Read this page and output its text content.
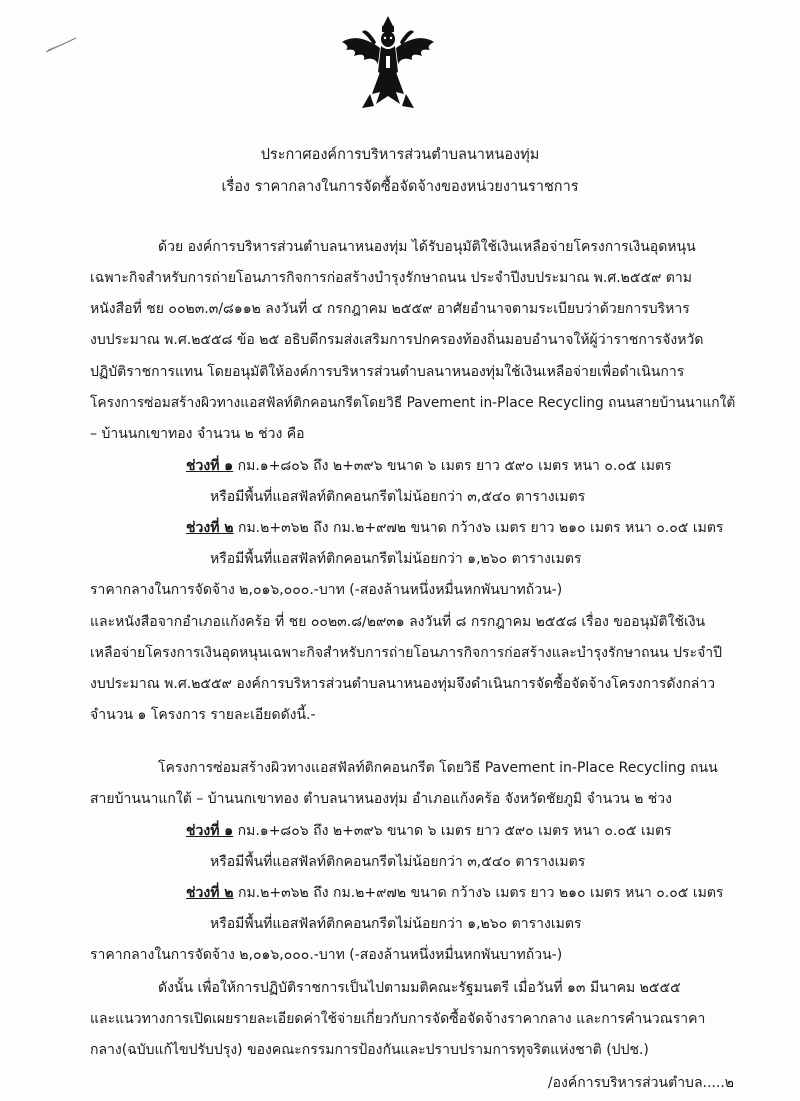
ประกาศองค์การบริหารส่วนตำบลนาหนองทุ่ม
เรื่อง ราคากลางในการจัดซื้อจัดจ้างของหน่วยงานราชการ
ด้วย องค์การบริหารส่วนตำบลนาหนองทุ่ม ได้รับอนุมัติใช้เงินเหลือจ่ายโครงการเงินอุดหนุน
เฉพาะกิจสำหรับการถ่ายโอนภารกิจการก่อสร้างบำรุงรักษาถนน ประจำปีงบประมาณ พ.ศ.๒๕๕๙ ตาม
หนังสือที่ ชย ๐๐๒๓.๓/๘๑๑๒ ลงวันที่ ๔ กรกฎาคม ๒๕๕๙ อาศัยอำนาจตามระเบียบว่าด้วยการบริหาร
งบประมาณ พ.ศ.๒๕๕๘ ข้อ ๒๕ อธิบดีกรมส่งเสริมการปกครองท้องถิ่นมอบอำนาจให้ผู้ว่าราชการจังหวัด
ปฏิบัติราชการแทน โดยอนุมัติให้องค์การบริหารส่วนตำบลนาหนองทุ่มใช้เงินเหลือจ่ายเพื่อดำเนินการ
โครงการซ่อมสร้างผิวทางแอสฟัลท์ติกคอนกรีตโดยวิธี Pavement in-Place Recycling ถนนสายบ้านนาแกใต้
– บ้านนกเขาทอง จำนวน ๒ ช่วง คือ
ช่วงที่ ๑ กม.๑+๘๐๖ ถึง ๒+๓๙๖ ขนาด ๖ เมตร ยาว ๕๙๐ เมตร หนา ๐.๐๕ เมตร
หรือมีพื้นที่แอสฟัลท์ติกคอนกรีตไม่น้อยกว่า ๓,๕๔๐ ตารางเมตร
ช่วงที่ ๒ กม.๒+๓๖๒ ถึง กม.๒+๙๗๒ ขนาด กว้าง๖ เมตร ยาว ๒๑๐ เมตร หนา ๐.๐๕ เมตร
หรือมีพื้นที่แอสฟัลท์ติกคอนกรีตไม่น้อยกว่า ๑,๒๖๐ ตารางเมตร
ราคากลางในการจัดจ้าง ๒,๐๑๖,๐๐๐.-บาท (-สองล้านหนึ่งหมื่นหกพันบาทถ้วน-)
และหนังสือจากอำเภอแก้งคร้อ ที่ ชย ๐๐๒๓.๘/๒๙๓๑ ลงวันที่ ๘ กรกฎาคม ๒๕๕๘ เรื่อง ขออนุมัติใช้เงิน
เหลือจ่ายโครงการเงินอุดหนุนเฉพาะกิจสำหรับการถ่ายโอนภารกิจการก่อสร้างและบำรุงรักษาถนน ประจำปี
งบประมาณ พ.ศ.๒๕๕๙ องค์การบริหารส่วนตำบลนาหนองทุ่มจึงดำเนินการจัดซื้อจัดจ้างโครงการดังกล่าว
จำนวน ๑ โครงการ รายละเอียดดังนี้.-
โครงการซ่อมสร้างผิวทางแอสฟัลท์ติกคอนกรีต โดยวิธี Pavement in-Place Recycling ถนน
สายบ้านนาแกใต้ – บ้านนกเขาทอง ตำบลนาหนองทุ่ม อำเภอแก้งคร้อ จังหวัดชัยภูมิ จำนวน ๒ ช่วง
ช่วงที่ ๑ กม.๑+๘๐๖ ถึง ๒+๓๙๖ ขนาด ๖ เมตร ยาว ๕๙๐ เมตร หนา ๐.๐๕ เมตร
หรือมีพื้นที่แอสฟัลท์ติกคอนกรีตไม่น้อยกว่า ๓,๕๔๐ ตารางเมตร
ช่วงที่ ๒ กม.๒+๓๖๒ ถึง กม.๒+๙๗๒ ขนาด กว้าง๖ เมตร ยาว ๒๑๐ เมตร หนา ๐.๐๕ เมตร
หรือมีพื้นที่แอสฟัลท์ติกคอนกรีตไม่น้อยกว่า ๑,๒๖๐ ตารางเมตร
ราคากลางในการจัดจ้าง ๒,๐๑๖,๐๐๐.-บาท (-สองล้านหนึ่งหมื่นหกพันบาทถ้วน-)
ดังนั้น เพื่อให้การปฏิบัติราชการเป็นไปตามมติคณะรัฐมนตรี เมื่อวันที่ ๑๓ มีนาคม ๒๕๕๕
และแนวทางการเปิดเผยรายละเอียดค่าใช้จ่ายเกี่ยวกับการจัดซื้อจัดจ้างราคากลาง และการคำนวณราคา
กลาง(ฉบับแก้ไขปรับปรุง) ของคณะกรรมการป้องกันและปราบปรามการทุจริตแห่งชาติ (ปปช.)
/องค์การบริหารส่วนตำบล.....๒
